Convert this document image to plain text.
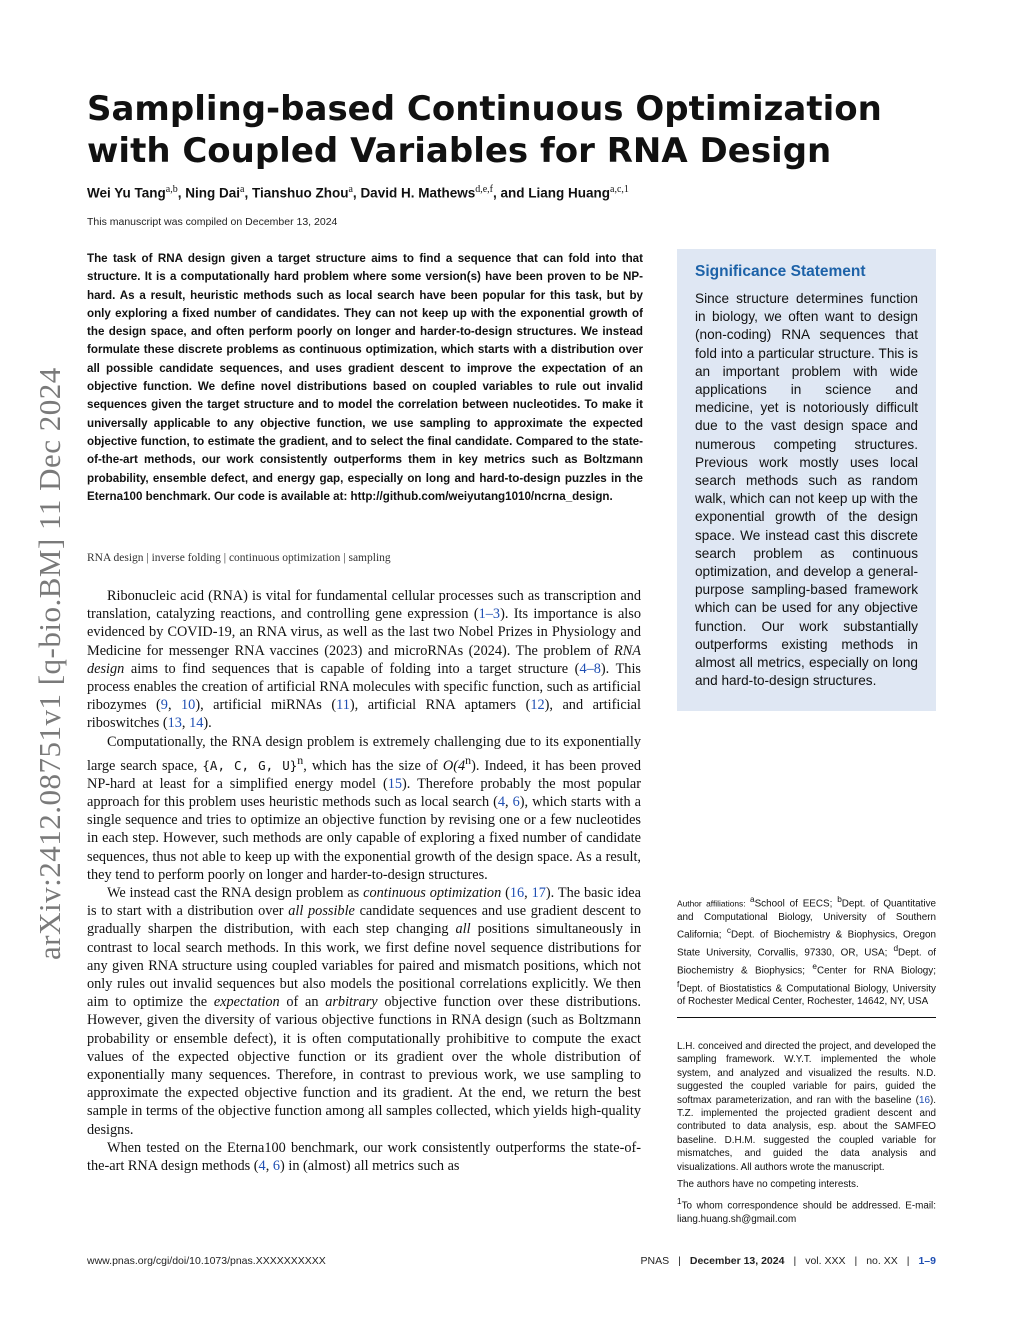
arXiv:2412.08751v1 [q-bio.BM] 11 Dec 2024
Sampling-based Continuous Optimization with Coupled Variables for RNA Design
Wei Yu Tang$^{a,b}$, Ning Dai$^a$, Tianshuo Zhou$^a$, David H. Mathews$^{d,e,f}$, and Liang Huang$^{a,c,1}$
This manuscript was compiled on December 13, 2024
The task of RNA design given a target structure aims to find a sequence that can fold into that structure. It is a computationally hard problem where some version(s) have been proven to be NP-hard. As a result, heuristic methods such as local search have been popular for this task, but by only exploring a fixed number of candidates. They can not keep up with the exponential growth of the design space, and often perform poorly on longer and harder-to-design structures. We instead formulate these discrete problems as continuous optimization, which starts with a distribution over all possible candidate sequences, and uses gradient descent to improve the expectation of an objective function. We define novel distributions based on coupled variables to rule out invalid sequences given the target structure and to model the correlation between nucleotides. To make it universally applicable to any objective function, we use sampling to approximate the expected objective function, to estimate the gradient, and to select the final candidate. Compared to the state-of-the-art methods, our work consistently outperforms them in key metrics such as Boltzmann probability, ensemble defect, and energy gap, especially on long and hard-to-design puzzles in the Eterna100 benchmark. Our code is available at: http://github.com/weiyutang1010/ncrna_design.
RNA design | inverse folding | continuous optimization | sampling

Ribonucleic acid (RNA) is vital for fundamental cellular processes such as transcription and translation, catalyzing reactions, and controlling gene expression (1–3). Its importance is also evidenced by COVID-19, an RNA virus, as well as the last two Nobel Prizes in Physiology and Medicine for messenger RNA vaccines (2023) and microRNAs (2024). The problem of RNA design aims to find sequences that is capable of folding into a target structure (4–8). This process enables the creation of artificial RNA molecules with specific function, such as artificial ribozymes (9, 10), artificial miRNAs (11), artificial RNA aptamers (12), and artificial riboswitches (13, 14).

Computationally, the RNA design problem is extremely challenging due to its exponentially large search space, {A, C, G, U}$^n$, which has the size of O(4$^n$). Indeed, it has been proved NP-hard at least for a simplified energy model (15). Therefore probably the most popular approach for this problem uses heuristic methods such as local search (4, 6), which starts with a single sequence and tries to optimize an objective function by revising one or a few nucleotides in each step. However, such methods are only capable of exploring a fixed number of candidate sequences, thus not able to keep up with the exponential growth of the design space. As a result, they tend to perform poorly on longer and harder-to-design structures.

We instead cast the RNA design problem as continuous optimization (16, 17). The basic idea is to start with a distribution over all possible candidate sequences and use gradient descent to gradually sharpen the distribution, with each step changing all positions simultaneously in contrast to local search methods. In this work, we first define novel sequence distributions for any given RNA structure using coupled variables for paired and mismatch positions, which not only rules out invalid sequences but also models the positional correlations explicitly. We then aim to optimize the expectation of an arbitrary objective function over these distributions. However, given the diversity of various objective functions in RNA design (such as Boltzmann probability or ensemble defect), it is often computationally prohibitive to compute the exact values of the expected objective function or its gradient over the whole distribution of exponentially many sequences. Therefore, in contrast to previous work, we use sampling to approximate the expected objective function and its gradient. At the end, we return the best sample in terms of the objective function among all samples collected, which yields high-quality designs.

When tested on the Eterna100 benchmark, our work consistently outperforms the state-of-the-art RNA design methods (4, 6) in (almost) all metrics such as

Significance Statement
Since structure determines function in biology, we often want to design (non-coding) RNA sequences that fold into a particular structure. This is an important problem with wide applications in science and medicine, yet is notoriously difficult due to the vast design space and numerous competing structures. Previous work mostly uses local search methods such as random walk, which can not keep up with the exponential growth of the design space. We instead cast this discrete search problem as continuous optimization, and develop a general-purpose sampling-based framework which can be used for any objective function. Our work substantially outperforms existing methods in almost all metrics, especially on long and hard-to-design structures.
Author affiliations: $^a$School of EECS; $^b$Dept. of Quantitative and Computational Biology, University of Southern California; $^c$Dept. of Biochemistry & Biophysics, Oregon State University, Corvallis, 97330, OR, USA; $^d$Dept. of Biochemistry & Biophysics; $^e$Center for RNA Biology; $^f$Dept. of Biostatistics & Computational Biology, University of Rochester Medical Center, Rochester, 14642, NY, USA

L.H. conceived and directed the project, and developed the sampling framework. W.Y.T. implemented the whole system, and analyzed and visualized the results. N.D. suggested the coupled variable for pairs, guided the softmax parameterization, and ran with the baseline (16). T.Z. implemented the projected gradient descent and contributed to data analysis, esp. about the SAMFEO baseline. D.H.M. suggested the coupled variable for mismatches, and guided the data analysis and visualizations. All authors wrote the manuscript.

The authors have no competing interests.

$^1$To whom correspondence should be addressed. E-mail: liang.huang.sh@gmail.com

www.pnas.org/cgi/doi/10.1073/pnas.XXXXXXXXXX	PNAS | December 13, 2024 | vol. XXX | no. XX | 1–9
